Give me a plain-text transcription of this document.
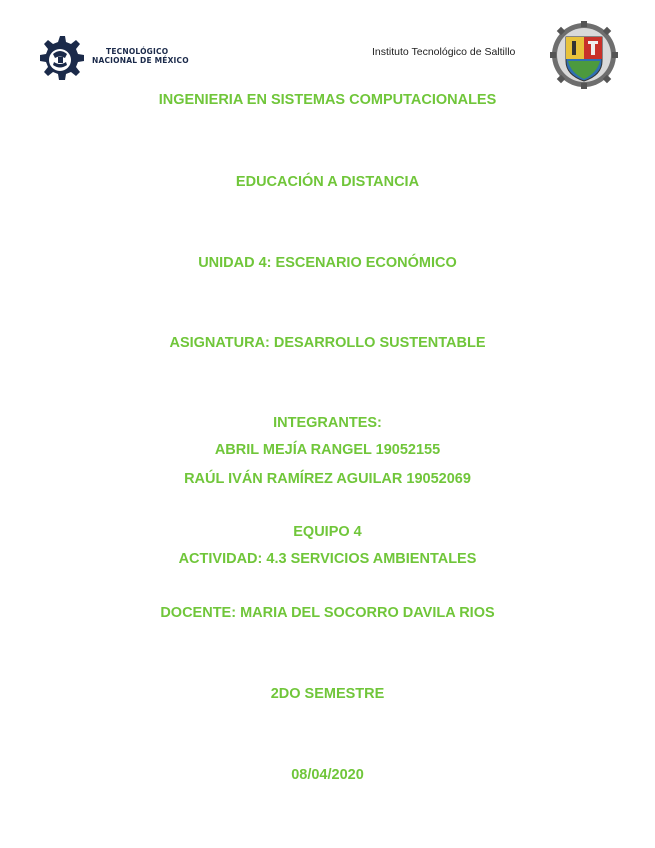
TECNOLÓGICO
NACIONAL DE MÉXICO
Instituto Tecnológico de Saltillo
INGENIERIA EN SISTEMAS COMPUTACIONALES
EDUCACIÓN A DISTANCIA
UNIDAD 4: ESCENARIO ECONÓMICO
ASIGNATURA: DESARROLLO SUSTENTABLE
INTEGRANTES:
ABRIL MEJÍA RANGEL 19052155
RAÚL IVÁN RAMÍREZ AGUILAR 19052069
EQUIPO 4
ACTIVIDAD: 4.3 SERVICIOS AMBIENTALES
DOCENTE: MARIA DEL SOCORRO DAVILA RIOS
2DO SEMESTRE
08/04/2020
